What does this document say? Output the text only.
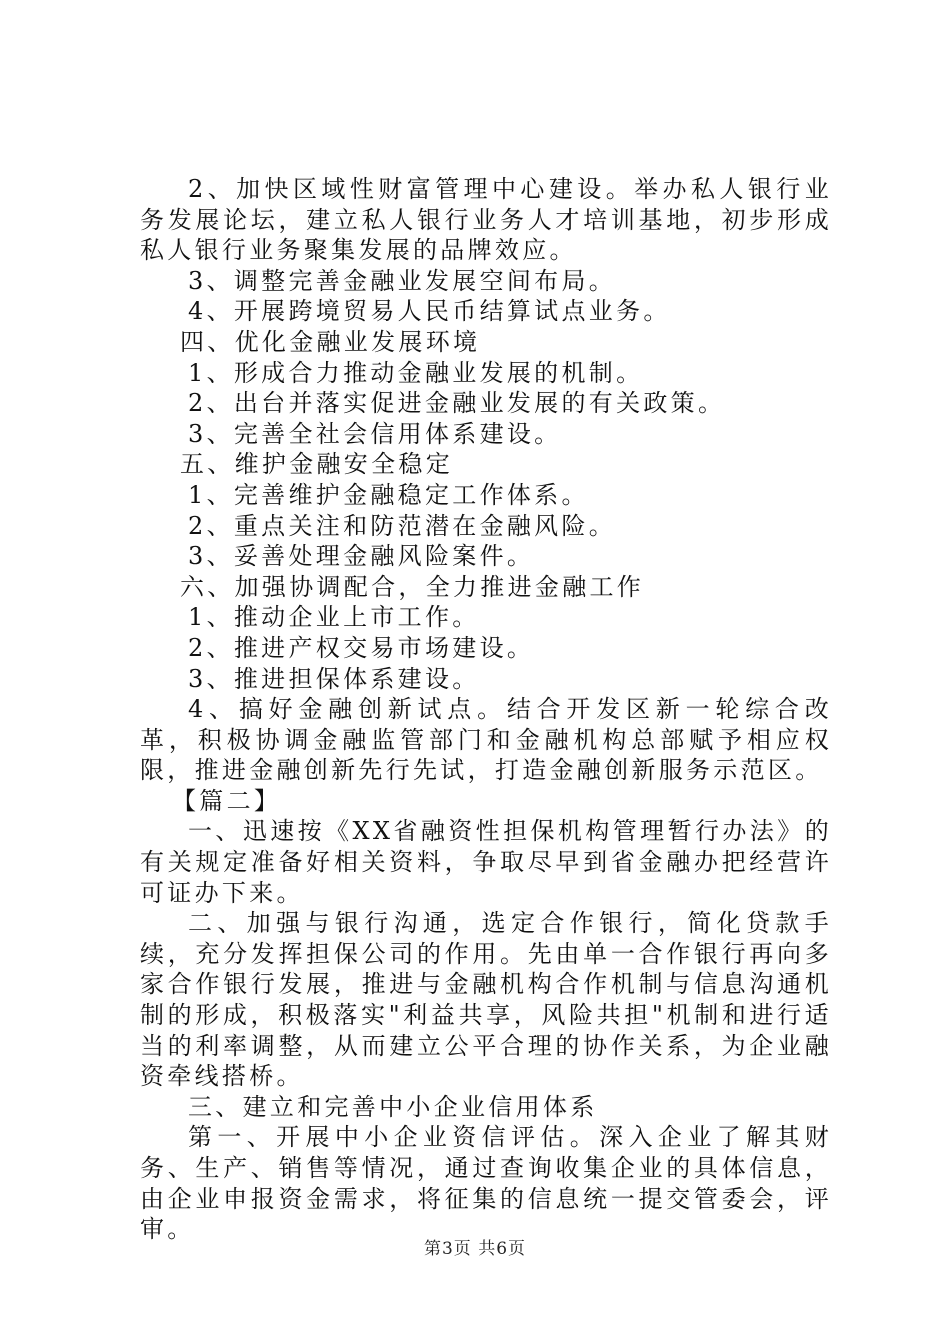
2、加快区域性财富管理中心建设。举办私人银行业务发展论坛，建立私人银行业务人才培训基地，初步形成私人银行业务聚集发展的品牌效应。

3、调整完善金融业发展空间布局。

4、开展跨境贸易人民币结算试点业务。

四、优化金融业发展环境

1、形成合力推动金融业发展的机制。

2、出台并落实促进金融业发展的有关政策。

3、完善全社会信用体系建设。

五、维护金融安全稳定

1、完善维护金融稳定工作体系。

2、重点关注和防范潜在金融风险。

3、妥善处理金融风险案件。

六、加强协调配合，全力推进金融工作

1、推动企业上市工作。

2、推进产权交易市场建设。

3、推进担保体系建设。

4、搞好金融创新试点。结合开发区新一轮综合改革，积极协调金融监管部门和金融机构总部赋予相应权限，推进金融创新先行先试，打造金融创新服务示范区。

【篇二】

一、迅速按《XX省融资性担保机构管理暂行办法》的有关规定准备好相关资料，争取尽早到省金融办把经营许可证办下来。

二、加强与银行沟通，选定合作银行，简化贷款手续，充分发挥担保公司的作用。先由单一合作银行再向多家合作银行发展，推进与金融机构合作机制与信息沟通机制的形成，积极落实"利益共享，风险共担"机制和进行适当的利率调整，从而建立公平合理的协作关系，为企业融资牵线搭桥。

三、建立和完善中小企业信用体系

第一、开展中小企业资信评估。深入企业了解其财务、生产、销售等情况，通过查询收集企业的具体信息，由企业申报资金需求，将征集的信息统一提交管委会，评审。

第3页 共6页
